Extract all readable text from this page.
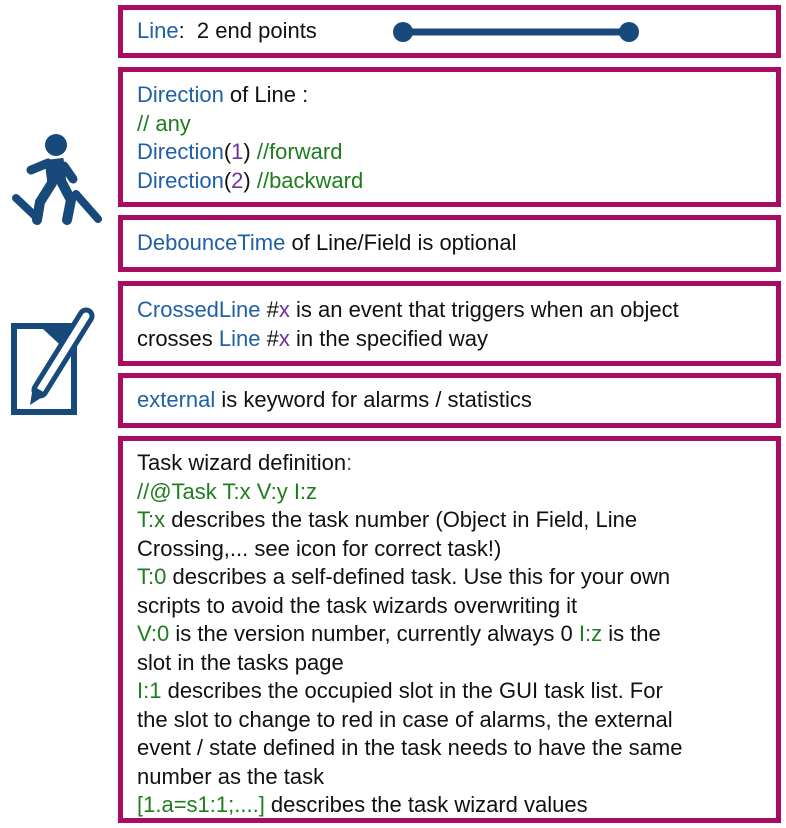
Line:  2 end points
Direction of Line :
// any
Direction(1) //forward
Direction(2) //backward
DebounceTime of Line/Field is optional
CrossedLine #x is an event that triggers when an object
crosses Line #x in the specified way
external is keyword for alarms / statistics
Task wizard definition:
//@Task T:x V:y I:z
T:x describes the task number (Object in Field, Line
Crossing,... see icon for correct task!)
T:0 describes a self-defined task. Use this for your own
scripts to avoid the task wizards overwriting it
V:0 is the version number, currently always 0 I:z is the
slot in the tasks page
I:1 describes the occupied slot in the GUI task list. For
the slot to change to red in case of alarms, the external
event / state defined in the task needs to have the same
number as the task
[1.a=s1:1;....] describes the task wizard values
